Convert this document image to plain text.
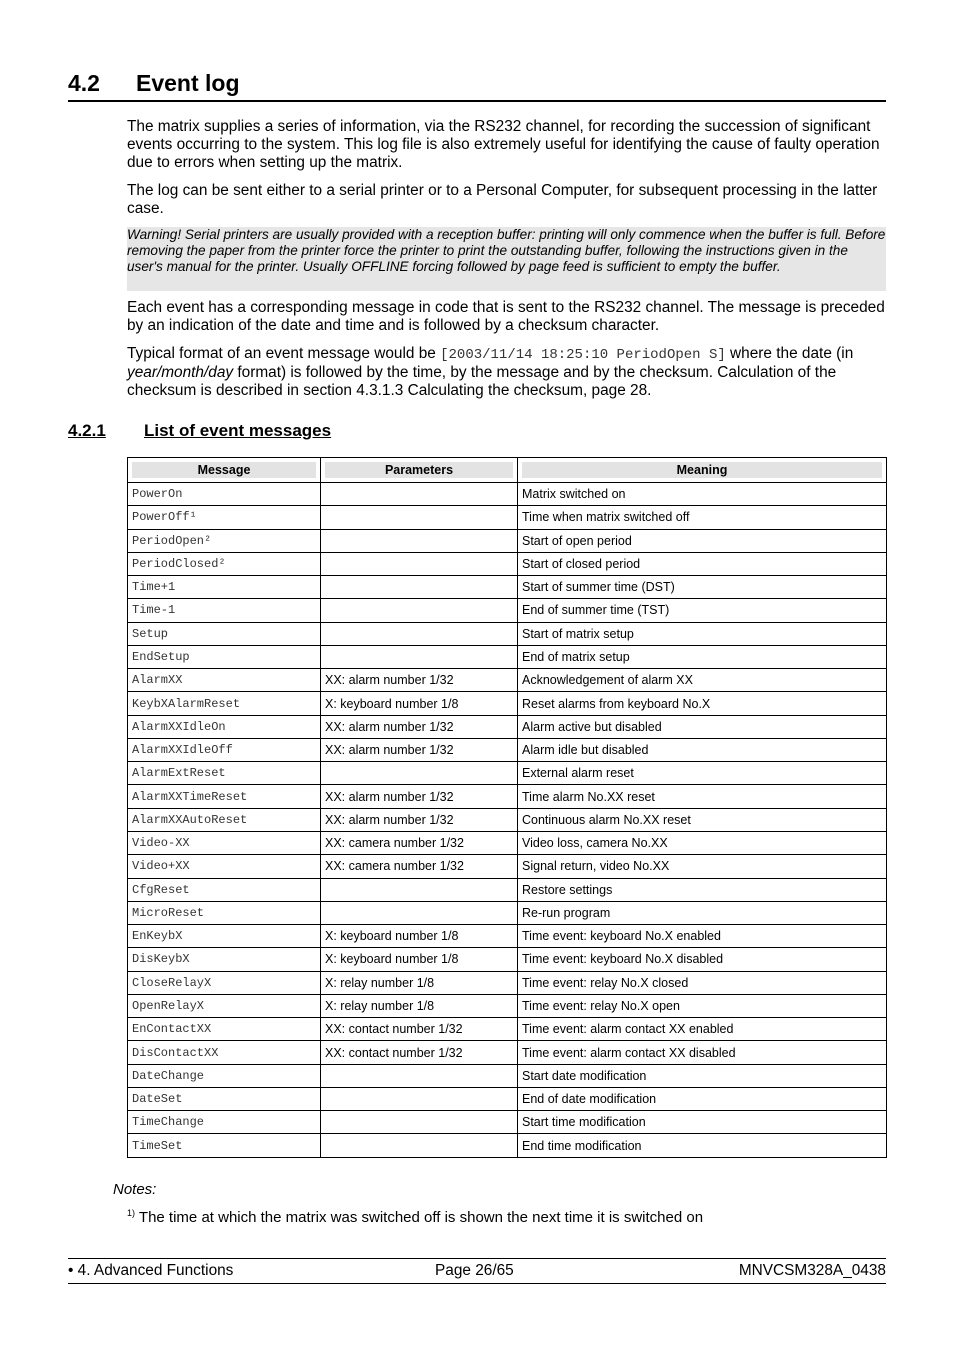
4.2 Event log

The matrix supplies a series of information, via the RS232 channel, for recording the succession of significant events occurring to the system. This log file is also extremely useful for identifying the cause of faulty operation due to errors when setting up the matrix.

The log can be sent either to a serial printer or to a Personal Computer, for subsequent processing in the latter case.

Warning! Serial printers are usually provided with a reception buffer: printing will only commence when the buffer is full. Before removing the paper from the printer force the printer to print the outstanding buffer, following the instructions given in the user's manual for the printer. Usually OFFLINE forcing followed by page feed is sufficient to empty the buffer.

Each event has a corresponding message in code that is sent to the RS232 channel. The message is preceded by an indication of the date and time and is followed by a checksum character.

Typical format of an event message would be [2003/11/14 18:25:10 PeriodOpen S] where the date (in year/month/day format) is followed by the time, by the message and by the checksum. Calculation of the checksum is described in section 4.3.1.3 Calculating the checksum, page 28.

4.2.1 List of event messages
Message	Parameters	Meaning

PowerOn		Matrix switched on
PowerOff¹		Time when matrix switched off
PeriodOpen²		Start of open period
PeriodClosed²		Start of closed period
Time+1		Start of summer time (DST)
Time-1		End of summer time (TST)
Setup		Start of matrix setup
EndSetup		End of matrix setup
AlarmXX	XX: alarm number 1/32	Acknowledgement of alarm XX
KeybXAlarmReset	X: keyboard number 1/8	Reset alarms from keyboard No.X
AlarmXXIdleOn	XX: alarm number 1/32	Alarm active but disabled
AlarmXXIdleOff	XX: alarm number 1/32	Alarm idle but disabled
AlarmExtReset		External alarm reset
AlarmXXTimeReset	XX: alarm number 1/32	Time alarm No.XX reset
AlarmXXAutoReset	XX: alarm number 1/32	Continuous alarm No.XX reset
Video-XX	XX: camera number 1/32	Video loss, camera No.XX
Video+XX	XX: camera number 1/32	Signal return, video No.XX
CfgReset		Restore settings
MicroReset		Re-run program
EnKeybX	X: keyboard number 1/8	Time event: keyboard No.X enabled
DisKeybX	X: keyboard number 1/8	Time event: keyboard No.X disabled
CloseRelayX	X: relay number 1/8	Time event: relay No.X closed
OpenRelayX	X: relay number 1/8	Time event: relay No.X open
EnContactXX	XX: contact number 1/32	Time event: alarm contact XX enabled
DisContactXX	XX: contact number 1/32	Time event: alarm contact XX disabled
DateChange		Start date modification
DateSet		End of date modification
TimeChange		Start time modification
TimeSet		End time modification
Notes:
$^{1)}$ The time at which the matrix was switched off is shown the next time it is switched on
• 4. Advanced Functions	Page 26/65	MNVCSM328A_0438
